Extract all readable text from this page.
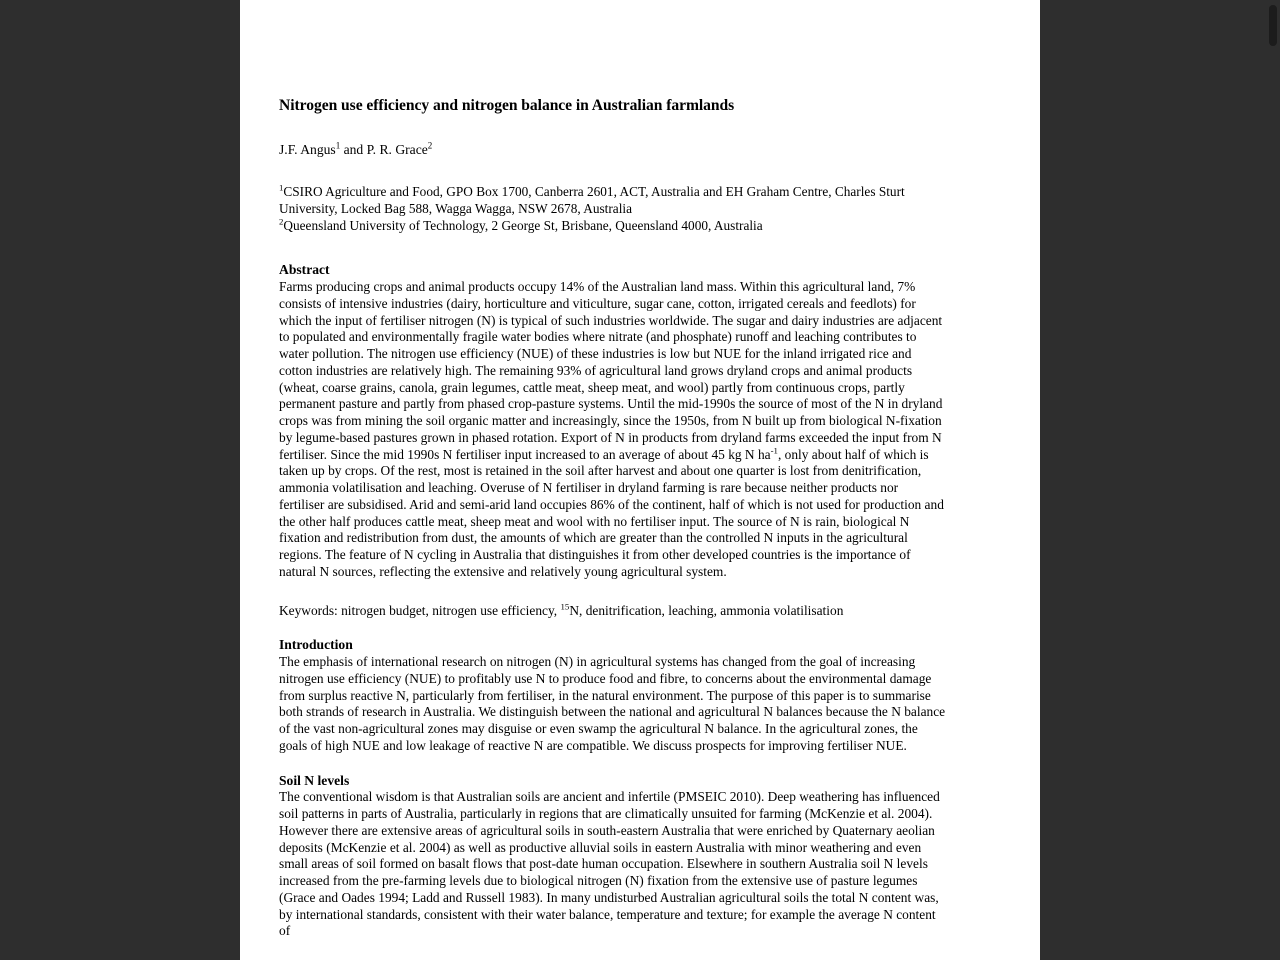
Nitrogen use efficiency and nitrogen balance in Australian farmlands

J.F. Angus$^1$ and P. R. Grace$^2$

$^1$CSIRO Agriculture and Food, GPO Box 1700, Canberra 2601, ACT, Australia and EH Graham Centre, Charles Sturt University, Locked Bag 588, Wagga Wagga, NSW 2678, Australia
$^2$Queensland University of Technology, 2 George St, Brisbane, Queensland 4000, Australia

Abstract

Farms producing crops and animal products occupy 14% of the Australian land mass. Within this agricultural land, 7% consists of intensive industries (dairy, horticulture and viticulture, sugar cane, cotton, irrigated cereals and feedlots) for which the input of fertiliser nitrogen (N) is typical of such industries worldwide. The sugar and dairy industries are adjacent to populated and environmentally fragile water bodies where nitrate (and phosphate) runoff and leaching contributes to water pollution. The nitrogen use efficiency (NUE) of these industries is low but NUE for the inland irrigated rice and cotton industries are relatively high. The remaining 93% of agricultural land grows dryland crops and animal products (wheat, coarse grains, canola, grain legumes, cattle meat, sheep meat, and wool) partly from continuous crops, partly permanent pasture and partly from phased crop-pasture systems. Until the mid-1990s the source of most of the N in dryland crops was from mining the soil organic matter and increasingly, since the 1950s, from N built up from biological N-fixation by legume-based pastures grown in phased rotation. Export of N in products from dryland farms exceeded the input from N fertiliser. Since the mid 1990s N fertiliser input increased to an average of about 45 kg N $ha^{-1}$, only about half of which is taken up by crops. Of the rest, most is retained in the soil after harvest and about one quarter is lost from denitrification, ammonia volatilisation and leaching. Overuse of N fertiliser in dryland farming is rare because neither products nor fertiliser are subsidised. Arid and semi-arid land occupies 86% of the continent, half of which is not used for production and the other half produces cattle meat, sheep meat and wool with no fertiliser input. The source of N is rain, biological N fixation and redistribution from dust, the amounts of which are greater than the controlled N inputs in the agricultural regions. The feature of N cycling in Australia that distinguishes it from other developed countries is the importance of natural N sources, reflecting the extensive and relatively young agricultural system.

Keywords: nitrogen budget, nitrogen use efficiency, $^{15}$N, denitrification, leaching, ammonia volatilisation

Introduction

The emphasis of international research on nitrogen (N) in agricultural systems has changed from the goal of increasing nitrogen use efficiency (NUE) to profitably use N to produce food and fibre, to concerns about the environmental damage from surplus reactive N, particularly from fertiliser, in the natural environment. The purpose of this paper is to summarise both strands of research in Australia. We distinguish between the national and agricultural N balances because the N balance of the vast non-agricultural zones may disguise or even swamp the agricultural N balance. In the agricultural zones, the goals of high NUE and low leakage of reactive N are compatible. We discuss prospects for improving fertiliser NUE.

Soil N levels

The conventional wisdom is that Australian soils are ancient and infertile (PMSEIC 2010). Deep weathering has influenced soil patterns in parts of Australia, particularly in regions that are climatically unsuited for farming (McKenzie et al. 2004). However there are extensive areas of agricultural soils in south-eastern Australia that were enriched by Quaternary aeolian deposits (McKenzie et al. 2004) as well as productive alluvial soils in eastern Australia with minor weathering and even small areas of soil formed on basalt flows that post-date human occupation. Elsewhere in southern Australia soil N levels increased from the pre-farming levels due to biological nitrogen (N) fixation from the extensive use of pasture legumes (Grace and Oades 1994; Ladd and Russell 1983). In many undisturbed Australian agricultural soils the total N content was, by international standards, consistent with their water balance, temperature and texture; for example the average N content of
